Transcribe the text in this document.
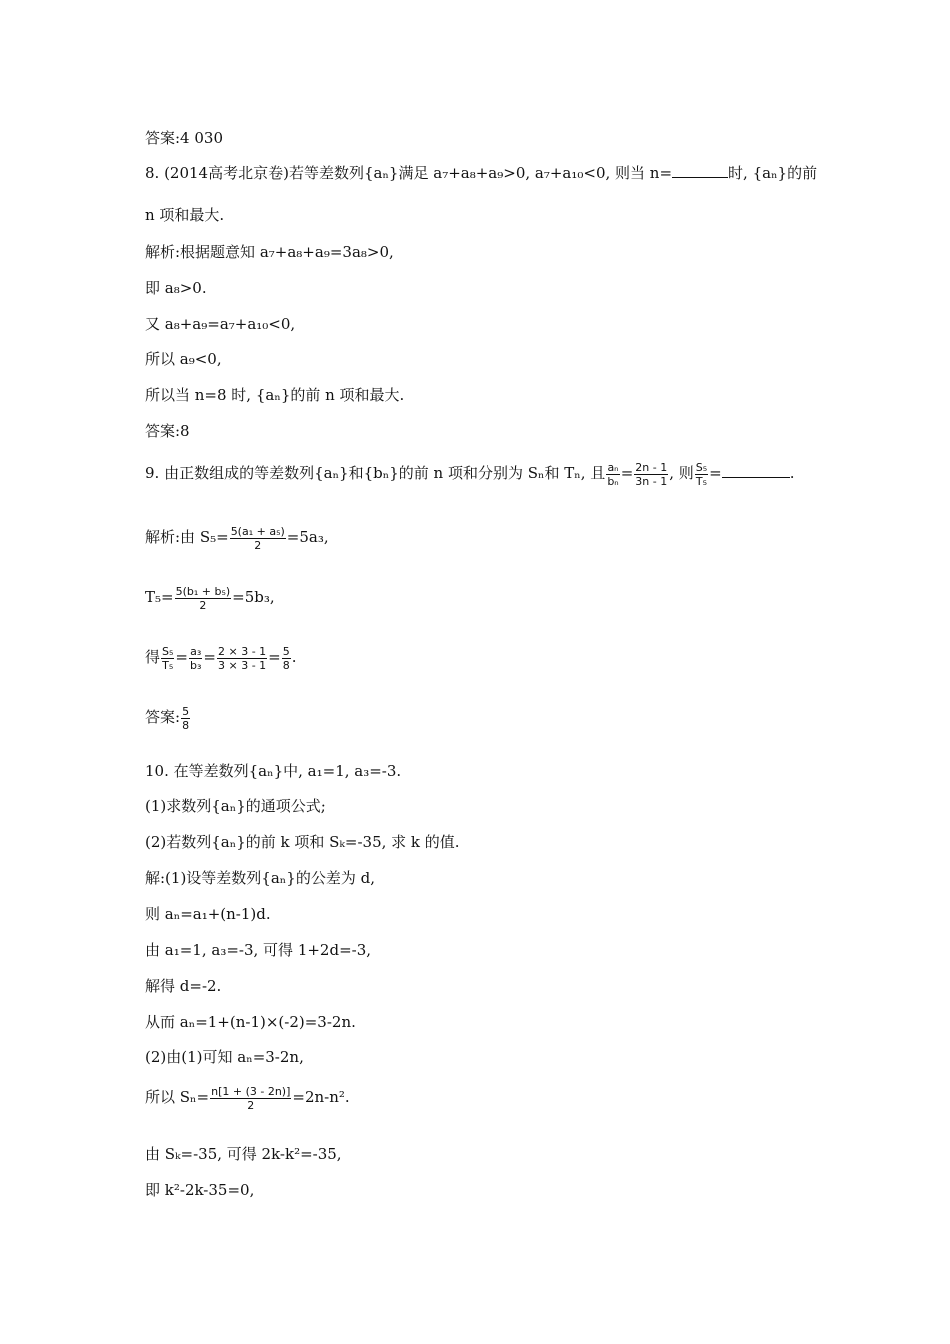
答案:4 030
8. (2014高考北京卷)若等差数列{aₙ}满足 a₇+a₈+a₉>0, a₇+a₁₀<0, 则当 n=	时, {aₙ}的前
n 项和最大.
解析:根据题意知 a₇+a₈+a₉=3a₈>0,
即 a₈>0.
又 a₈+a₉=a₇+a₁₀<0,
所以 a₉<0,
所以当 n=8 时, {aₙ}的前 n 项和最大.
答案:8
9. 由正数组成的等差数列{aₙ}和{bₙ}的前 n 项和分别为 Sₙ和 Tₙ, 且 $\frac{\text{aₙ}}{\text{bₙ}} = \frac{2n - 1}{3n - 1}$ , 则 $\frac{\text{S₅}}{\text{T₅}}$ =	.
解析:由 $S_5= \frac{\text{5(a₁ + a₅)}}{2} =5a_3$,
$T_5= \frac{\text{5(b₁ + b₅)}}{2} =5b_3$,
得 $\frac{\text{S₅}}{\text{T₅}} = \frac{\text{a₃}}{\text{b₃}} = \frac{2 \times 3 - 1}{3 \times 3 - 1} = \frac{5}{8}$ .
答案: $\frac{5}{8}$
10. 在等差数列{aₙ}中, a₁=1, a₃=-3.
(1)求数列{aₙ}的通项公式;
(2)若数列{aₙ}的前 k 项和 Sₖ=-35, 求 k 的值.
解:(1)设等差数列{aₙ}的公差为 d,
则 aₙ=a₁+(n-1)d.
由 a₁=1, a₃=-3, 可得 1+2d=-3,
解得 d=-2.
从而 aₙ=1+(n-1)×(-2)=3-2n.
(2)由(1)可知 aₙ=3-2n,
所以 $S_n= \frac{n[1 + (3 - 2n)]}{2} =2n-n^2$.
由 Sₖ=-35, 可得 2k-k²=-35,
即 k²-2k-35=0,
